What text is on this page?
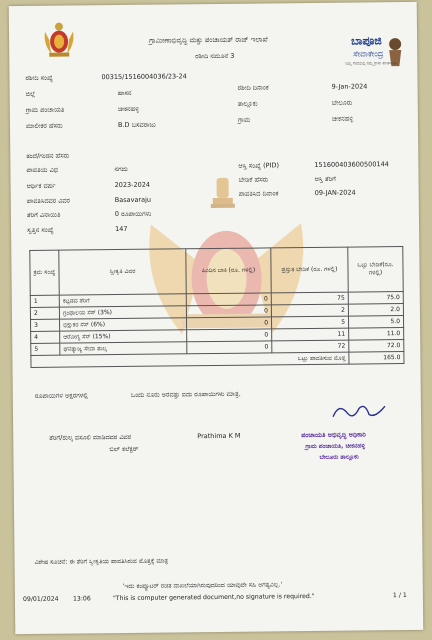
ಬಾಪೂಜಿ
ಸೇವಾಕೇಂದ್ರ
ನಿಮ್ಮ ಸೇವೆಯಲ್ಲಿ ನಮ್ಮ ಗ್ರಾಮ ಪಂಚಾಯಿತಿ
ಗ್ರಾಮೀಣಾಭಿವೃದ್ಧಿ ಮತ್ತು ಪಂಚಾಯತ್ ರಾಜ್ ಇಲಾಖೆ
ರಶೀದಿ ನಮೂನೆ 3
ರಶೀದಿ ಸಂಖ್ಯೆ	00315/1516004036/23-24
ಜಿಲ್ಲೆ	ಹಾಸನ
ಗ್ರಾಮ ಪಂಚಾಯತಿ	ಚೀಕನಹಳ್ಳಿ
ಮಾಲೀಕರ ಹೆಸರು	B.D ಬಸವರಾಜು
ರಶೀದಿ ದಿನಾಂಕ	9-Jan-2024
ತಾಲ್ಲೂಕು	ಬೇಲೂರು
ಗ್ರಾಮ	ಚೀಕನಹಳ್ಳಿ
ತಂದೆ/ಗಂಡನ ಹೆಸರು
ಪಾವತಿಯ ವಿಧ	ನಗದು
ಆರ್ಥಿಕ ವರ್ಷ	2023-2024
ಪಾವತಿಸಿದವರ ವಿವರ	Basavaraju
ತೆರಿಗೆ ವಿನಾಯಿತಿ	0 ರೂಪಾಯಿಗಳು
ಸ್ವತ್ತಿನ ಸಂಖ್ಯೆ	147
ಆಸ್ತಿ ಸಂಖ್ಯೆ (PID)	151600403600500144
ಬೇಡಿಕೆ ಹೆಸರು	ಆಸ್ತಿ ತೆರಿಗೆ
ಪಾವತಿಸಿದ ದಿನಾಂಕ	09-JAN-2024
ಕ್ರಮ ಸಂಖ್ಯೆ	ಸ್ವೀಕೃತಿ ವಿವರ	ಹಿಂದಿನ ಬಾಕಿ (ರೂ. ಗಳಲ್ಲಿ)	ಪ್ರಸ್ತುತ ಬೇಡಿಕೆ (ರೂ. ಗಳಲ್ಲಿ)	ಒಟ್ಟು ಬೇಡಿಕೆ(ರೂ. ಗಳಲ್ಲಿ)
1	ಕಟ್ಟಡದ ತೆರಿಗೆ	0	75	75.0
2	ಗ್ರಂಥಾಲಯ ಸೆಸ್ (3%)	0	2	2.0
3	ಭಿಕ್ಷುಕರ ಸೆಸ್ (6%)	0	5	5.0
4	ಆರೋಗ್ಯ ಸೆಸ್ (15%)	0	11	11.0
5	ಘನತ್ಯಾಜ್ಯ ಸೇವಾ ಶುಲ್ಕ	0	72	72.0
ಒಟ್ಟು ಪಾವತಿಸುವ ಮೊತ್ತ				165.0
ರೂಪಾಯಿಗಳ ಅಕ್ಷರಗಳಲ್ಲಿ	ಒಂದು ನೂರು ಅರವತ್ತು ಐದು ರೂಪಾಯಿಗಳು ಮಾತ್ರ.
ತೆರಿಗೆ/ಶುಲ್ಕ ವಸೂಲಿ ಮಾಡಿದವರ ವಿವರ	Prathima K M
ಬಿಲ್ ಕಲೆಕ್ಟರ್
ಪಂಚಾಯತಿ ಅಭಿವೃದ್ಧಿ ಅಧಿಕಾರಿ
ಗ್ರಾಮ ಪಂಚಾಯತಿ, ಚೀಕನಹಳ್ಳಿ
ಬೇಲೂರು ತಾಲ್ಲೂಕು
ವಿಶೇಷ ಸೂಚನೆ: ಈ ತೆರಿಗೆ ಸ್ವೀಕೃತಿಯ ಪಾವತಿಸಿರುವ ಮೊತ್ತಕ್ಕೆ ಮಾತ್ರ
'ಇದು ಕಂಪ್ಯೂಟರ್ ರಚಿತ ದಾಖಲೆಯಾಗಿರುವುದರಿಂದ ಯಾವುದೇ ಸಹಿ ಅಗತ್ಯವಿಲ್ಲ.'
"This is computer generated document,no signature is required."
09/01/2024 13:06	1 / 1
